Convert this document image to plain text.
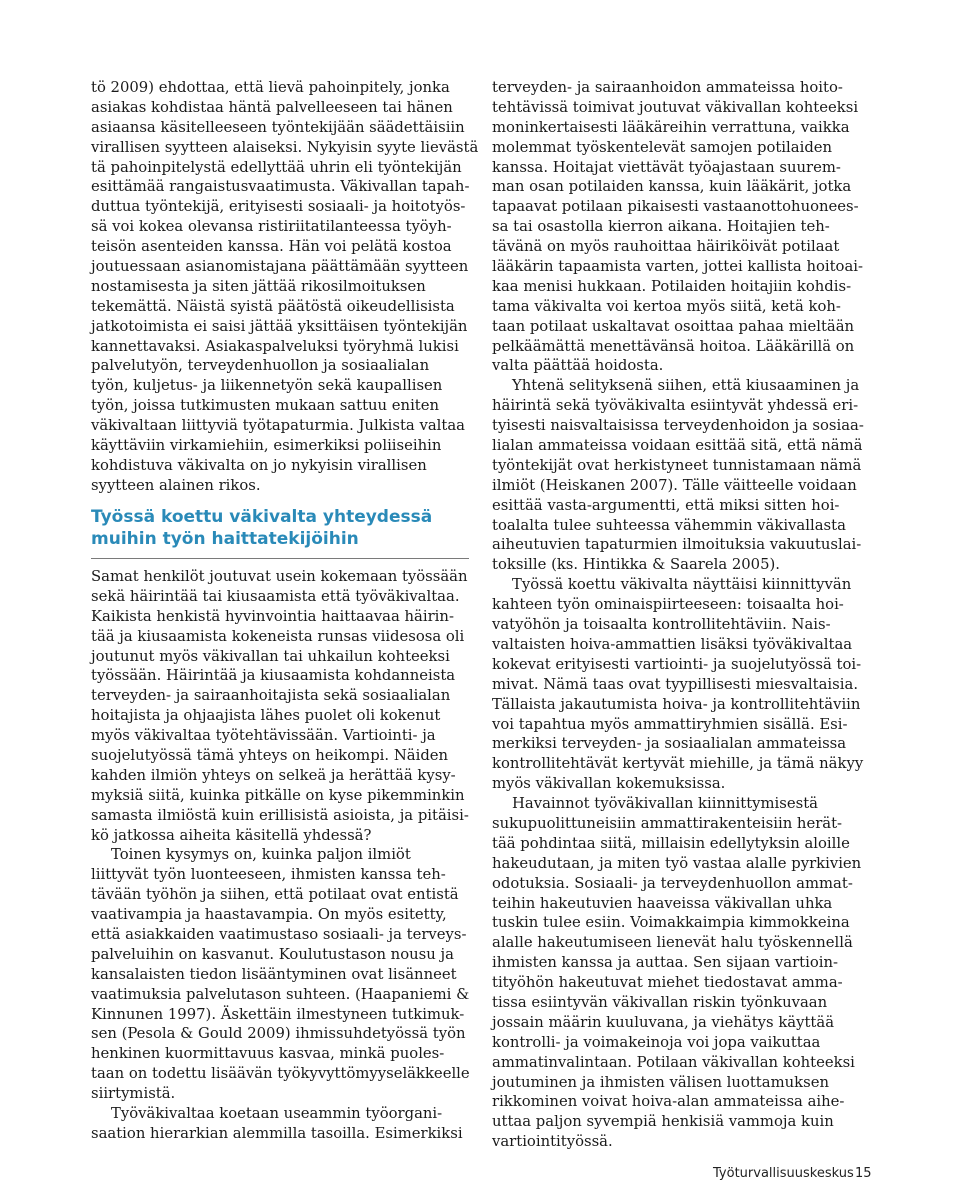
tö 2009) ehdottaa, että lievä pahoinpitely, jonka
asiakas kohdistaa häntä palvelleeseen tai hänen
asiaansa käsitelleeseen työntekijään säädettäisiin
virallisen syytteen alaiseksi. Nykyisin syyte lievästä
tä pahoinpitelystä edellyttää uhrin eli työntekijän
esittämää rangaistusvaatimusta. Väkivallan tapah-
duttua työntekijä, erityisesti sosiaali- ja hoitotyös-
sä voi kokea olevansa ristiriitatilanteessa työyh-
teisön asenteiden kanssa. Hän voi pelätä kostoa
joutuessaan asianomistajana päättämään syytteen
nostamisesta ja siten jättää rikosilmoituksen
tekemättä. Näistä syistä päätöstä oikeudellisista
jatkotoimista ei saisi jättää yksittäisen työntekijän
kannettavaksi. Asiakaspalveluksi työryhmä lukisi
palvelutyön, terveydenhuollon ja sosiaalialan
työn, kuljetus- ja liikennetyön sekä kaupallisen
työn, joissa tutkimusten mukaan sattuu eniten
väkivaltaan liittyviä työtapaturmia. Julkista valtaa
käyttäviin virkamiehiin, esimerkiksi poliiseihin
kohdistuva väkivalta on jo nykyisin virallisen
syytteen alainen rikos.
Työssä koettu väkivalta yhteydessä
muihin työn haittatekijöihin
Samat henkilöt joutuvat usein kokemaan työssään
sekä häirintää tai kiusaamista että työväkivaltaa.
Kaikista henkistä hyvinvointia haittaavaa häirin-
tää ja kiusaamista kokeneista runsas viidesosa oli
joutunut myös väkivallan tai uhkailun kohteeksi
työssään. Häirintää ja kiusaamista kohdanneista
terveyden- ja sairaanhoitajista sekä sosiaalialan
hoitajista ja ohjaajista lähes puolet oli kokenut
myös väkivaltaa työtehtävissään. Vartiointi- ja
suojelutyössä tämä yhteys on heikompi. Näiden
kahden ilmiön yhteys on selkeä ja herättää kysy-
myksiä siitä, kuinka pitkälle on kyse pikemminkin
samasta ilmiöstä kuin erillisistä asioista, ja pitäisi-
kö jatkossa aiheita käsitellä yhdessä?
Toinen kysymys on, kuinka paljon ilmiöt
liittyvät työn luonteeseen, ihmisten kanssa teh-
tävään työhön ja siihen, että potilaat ovat entistä
vaativampia ja haastavampia. On myös esitetty,
että asiakkaiden vaatimustaso sosiaali- ja terveys-
palveluihin on kasvanut. Koulutustason nousu ja
kansalaisten tiedon lisääntyminen ovat lisänneet
vaatimuksia palvelutason suhteen. (Haapaniemi &
Kinnunen 1997). Äskettäin ilmestyneen tutkimuk-
sen (Pesola & Gould 2009) ihmissuhdetyössä työn
henkinen kuormittavuus kasvaa, minkä puoles-
taan on todettu lisäävän työkyvyttömyyseläkkeelle
siirtymistä.
Työväkivaltaa koetaan useammin työorgani-
saation hierarkian alemmilla tasoilla. Esimerkiksi
terveyden- ja sairaanhoidon ammateissa hoito-
tehtävissä toimivat joutuvat väkivallan kohteeksi
moninkertaisesti lääkäreihin verrattuna, vaikka
molemmat työskentelevät samojen potilaiden
kanssa. Hoitajat viettävät työajastaan suurem-
man osan potilaiden kanssa, kuin lääkärit, jotka
tapaavat potilaan pikaisesti vastaanottohuonees-
sa tai osastolla kierron aikana. Hoitajien teh-
tävänä on myös rauhoittaa häiriköivät potilaat
lääkärin tapaamista varten, jottei kallista hoitoai-
kaa menisi hukkaan. Potilaiden hoitajiin kohdis-
tama väkivalta voi kertoa myös siitä, ketä koh-
taan potilaat uskaltavat osoittaa pahaa mieltään
pelkäämättä menettävänsä hoitoa. Lääkärillä on
valta päättää hoidosta.
Yhtenä selityksenä siihen, että kiusaaminen ja
häirintä sekä työväkivalta esiintyvät yhdessä eri-
tyisesti naisvaltaisissa terveydenhoidon ja sosiaa-
lialan ammateissa voidaan esittää sitä, että nämä
työntekijät ovat herkistyneet tunnistamaan nämä
ilmiöt (Heiskanen 2007). Tälle väitteelle voidaan
esittää vasta-argumentti, että miksi sitten hoi-
toalalta tulee suhteessa vähemmin väkivallasta
aiheutuvien tapaturmien ilmoituksia vakuutuslai-
toksille (ks. Hintikka & Saarela 2005).
Työssä koettu väkivalta näyttäisi kiinnittyvän
kahteen työn ominaispiirteeseen: toisaalta hoi-
vatyöhön ja toisaalta kontrollitehtäviin. Nais-
valtaisten hoiva-ammattien lisäksi työväkivaltaa
kokevat erityisesti vartiointi- ja suojelutyössä toi-
mivat. Nämä taas ovat tyypillisesti miesvaltaisia.
Tällaista jakautumista hoiva- ja kontrollitehtäviin
voi tapahtua myös ammattiryhmien sisällä. Esi-
merkiksi terveyden- ja sosiaalialan ammateissa
kontrollitehtävät kertyvät miehille, ja tämä näkyy
myös väkivallan kokemuksissa.
Havainnot työväkivallan kiinnittymisestä
sukupuolittuneisiin ammattirakenteisiin herät-
tää pohdintaa siitä, millaisin edellytyksin aloille
hakeudutaan, ja miten työ vastaa alalle pyrkivien
odotuksia. Sosiaali- ja terveydenhuollon ammat-
teihin hakeutuvien haaveissa väkivallan uhka
tuskin tulee esiin. Voimakkaimpia kimmokkeina
alalle hakeutumiseen lienevät halu työskennellä
ihmisten kanssa ja auttaa. Sen sijaan vartioin-
tityöhön hakeutuvat miehet tiedostavat amma-
tissa esiintyvän väkivallan riskin työnkuvaan
jossain määrin kuuluvana, ja viehätys käyttää
kontrolli- ja voimakeinoja voi jopa vaikuttaa
ammatinvalintaan. Potilaan väkivallan kohteeksi
joutuminen ja ihmisten välisen luottamuksen
rikkominen voivat hoiva-alan ammateissa aihe-
uttaa paljon syvempiä henkisiä vammoja kuin
vartiointityössä.
Työturvallisuuskeskus 15
